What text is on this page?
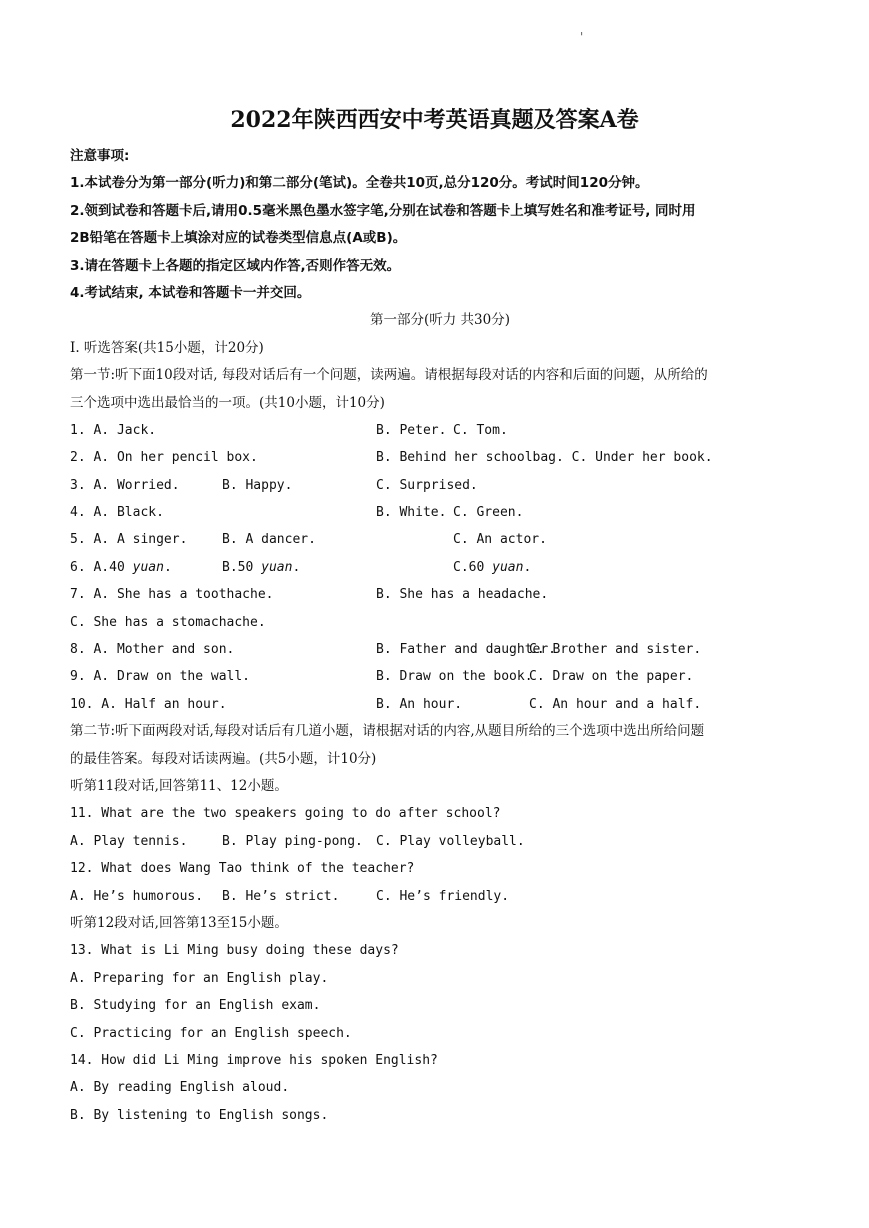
'
2022年陕西西安中考英语真题及答案A卷
注意事项:
1.本试卷分为第一部分(听力)和第二部分(笔试)。全卷共10页,总分120分。考试时间120分钟。
2.领到试卷和答题卡后,请用0.5毫米黑色墨水签字笔,分别在试卷和答题卡上填写姓名和准考证号, 同时用
2B铅笔在答题卡上填涂对应的试卷类型信息点(A或B)。
3.请在答题卡上各题的指定区域内作答,否则作答无效。
4.考试结束, 本试卷和答题卡一并交回。
第一部分(听力 共30分)
I. 听选答案(共15小题，计20分)
第一节:听下面10段对话, 每段对话后有一个问题，读两遍。请根据每段对话的内容和后面的问题，从所给的
三个选项中选出最恰当的一项。(共10小题，计10分)
1. A. Jack.	B. Peter. C. Tom.
2. A. On her pencil box.	B. Behind her schoolbag. C. Under her book.
3. A. Worried.	B. Happy.	C. Surprised.
4. A. Black.	B. White. C. Green.
5. A. A singer.	B. A dancer.	C. An actor.
6. A.40 yuan.	B.50 yuan.	C.60 yuan.
7. A. She has a toothache.	B. She has a headache.
C. She has a stomachache.
8. A. Mother and son.	B. Father and daughter.
C. Brother and sister.
9. A. Draw on the wall.	B. Draw on the book.
C. Draw on the paper.
10. A. Half an hour.	B. An hour.	C. An hour and a half.
第二节:听下面两段对话,每段对话后有几道小题，请根据对话的内容,从题目所给的三个选项中选出所给问题
的最佳答案。每段对话读两遍。(共5小题，计10分)
听第11段对话,回答第11、12小题。
11. What are the two speakers going to do after school?
A. Play tennis.	B. Play ping-pong. C. Play volleyball.
12. What does Wang Tao think of the teacher?
A. He’s humorous. B. He’s strict.	C. He’s friendly.
听第12段对话,回答第13至15小题。
13. What is Li Ming busy doing these days?
A. Preparing for an English play.
B. Studying for an English exam.
C. Practicing for an English speech.
14. How did Li Ming improve his spoken English?
A. By reading English aloud.
B. By listening to English songs.
